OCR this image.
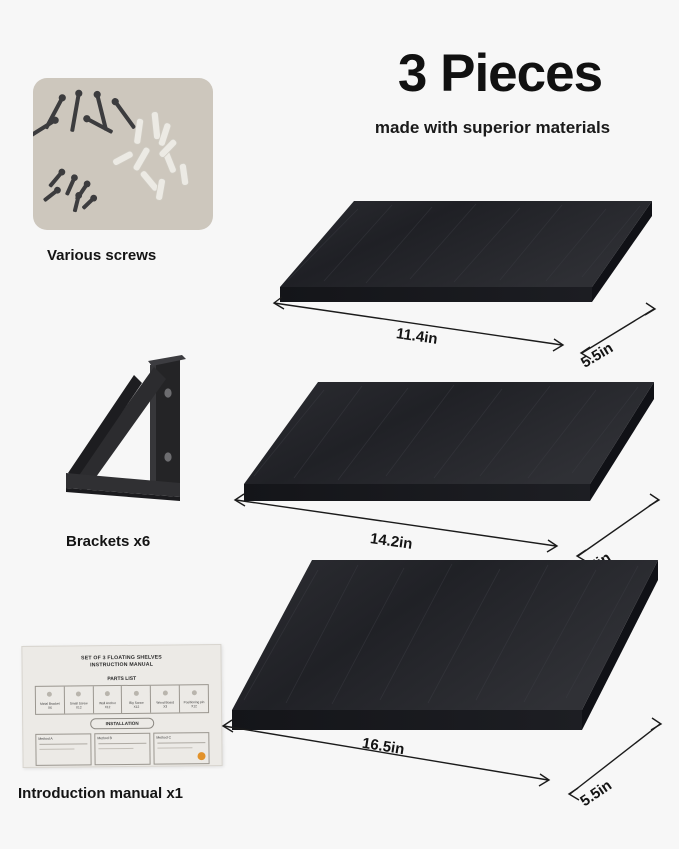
3 Pieces
made with superior materials
Various screws
Brackets x6
SET OF 3 FLOATING SHELVES
INSTRUCTION MANUAL
PARTS LIST
Metal Bracket
X6
Small Screw
X12
Wall Anchor
X12
Big Screw
X12
Wood Board
X3
Positioning pin
X12
INSTALLATION
Method A	Method B	Method C
Introduction manual x1
11.4in
5.5in
14.2in
16.5in
5.5in
